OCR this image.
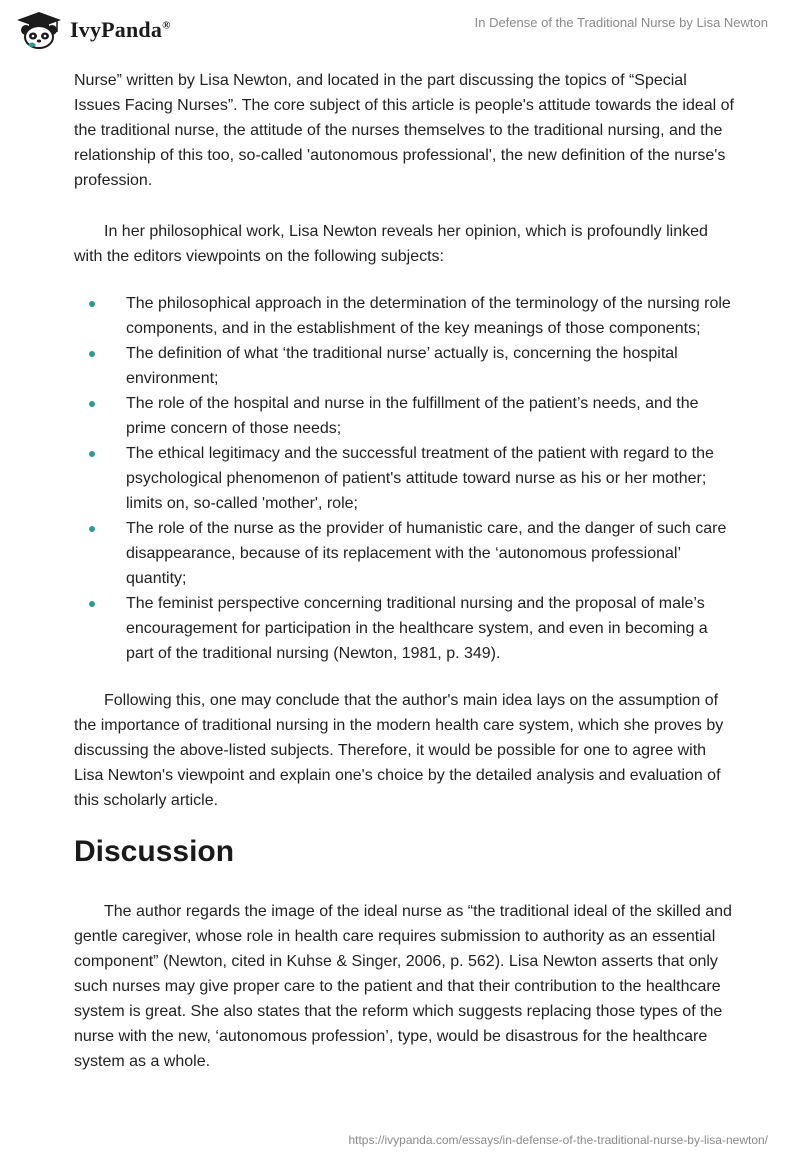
IvyPanda®	In Defense of the Traditional Nurse by Lisa Newton

Nurse” written by Lisa Newton, and located in the part discussing the topics of “Special Issues Facing Nurses”. The core subject of this article is people's attitude towards the ideal of the traditional nurse, the attitude of the nurses themselves to the traditional nursing, and the relationship of this too, so-called 'autonomous professional', the new definition of the nurse's profession.

In her philosophical work, Lisa Newton reveals her opinion, which is profoundly linked with the editors viewpoints on the following subjects:

The philosophical approach in the determination of the terminology of the nursing role components, and in the establishment of the key meanings of those components;
The definition of what ‘the traditional nurse’ actually is, concerning the hospital environment;
The role of the hospital and nurse in the fulfillment of the patient’s needs, and the prime concern of those needs;
The ethical legitimacy and the successful treatment of the patient with regard to the psychological phenomenon of patient's attitude toward nurse as his or her mother; limits on, so-called 'mother', role;
The role of the nurse as the provider of humanistic care, and the danger of such care disappearance, because of its replacement with the ‘autonomous professional’ quantity;
The feminist perspective concerning traditional nursing and the proposal of male’s encouragement for participation in the healthcare system, and even in becoming a part of the traditional nursing (Newton, 1981, p. 349).

Following this, one may conclude that the author's main idea lays on the assumption of the importance of traditional nursing in the modern health care system, which she proves by discussing the above-listed subjects. Therefore, it would be possible for one to agree with Lisa Newton's viewpoint and explain one's choice by the detailed analysis and evaluation of this scholarly article.

Discussion

The author regards the image of the ideal nurse as “the traditional ideal of the skilled and gentle caregiver, whose role in health care requires submission to authority as an essential component” (Newton, cited in Kuhse & Singer, 2006, p. 562). Lisa Newton asserts that only such nurses may give proper care to the patient and that their contribution to the healthcare system is great. She also states that the reform which suggests replacing those types of the nurse with the new, ‘autonomous profession’, type, would be disastrous for the healthcare system as a whole.

https://ivypanda.com/essays/in-defense-of-the-traditional-nurse-by-lisa-newton/
